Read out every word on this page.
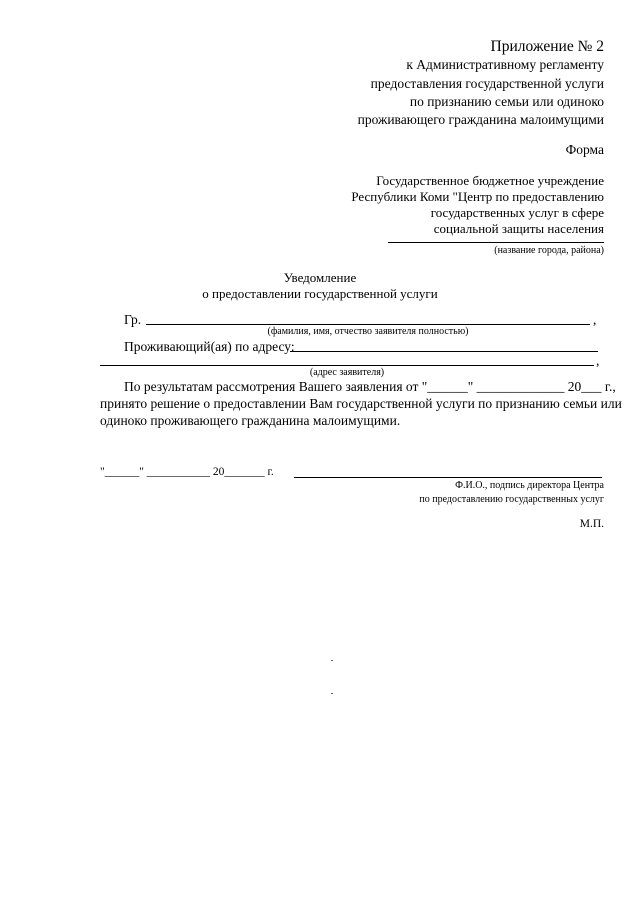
Приложение № 2
к Административному регламенту
предоставления государственной услуги
по признанию семьи или одиноко
проживающего гражданина малоимущими
Форма
Государственное бюджетное учреждение
Республики Коми "Центр по предоставлению
государственных услуг в сфере
социальной защиты населения
(название города, района)
Уведомление
о предоставлении государственной услуги
Гр.	,
(фамилия, имя, отчество заявителя полностью)
Проживающий(ая) по адресу:
,
(адрес заявителя)
По результатам рассмотрения Вашего заявления от "______" _____________ 20___ г.,
принято решение о предоставлении Вам государственной услуги по признанию семьи или
одиноко проживающего гражданина малоимущими.
"______" ___________ 20_______ г.
Ф.И.О., подпись директора Центра
по предоставлению государственных услуг
М.П.
